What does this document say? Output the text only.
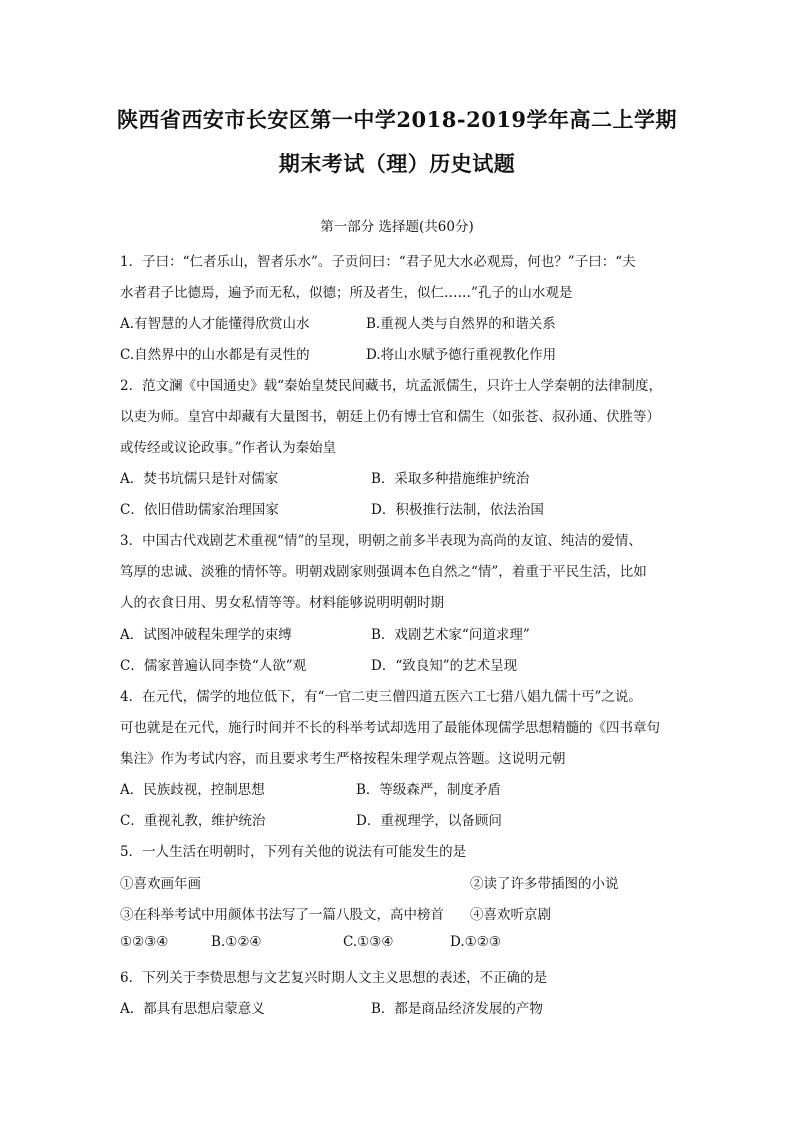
陕西省西安市长安区第一中学2018-2019学年高二上学期
期末考试（理）历史试题
第一部分 选择题(共60分)
1．子曰：“仁者乐山，智者乐水”。子贡问曰：“君子见大水必观焉，何也？”子曰：“夫
水者君子比德焉，遍予而无私，似德；所及者生，似仁……”孔子的山水观是
A.有智慧的人才能懂得欣赏山水	B.重视人类与自然界的和谐关系
C.自然界中的山水都是有灵性的	D.将山水赋予德行重视教化作用
2．范文澜《中国通史》载“秦始皇焚民间藏书，坑孟派儒生，只许士人学秦朝的法律制度，
以吏为师。皇宫中却藏有大量图书，朝廷上仍有博士官和儒生（如张苍、叔孙通、伏胜等）
或传经或议论政事。”作者认为秦始皇
A．焚书坑儒只是针对儒家	B．采取多种措施维护统治
C．依旧借助儒家治理国家	D．积极推行法制，依法治国
3．中国古代戏剧艺术重视“情”的呈现，明朝之前多半表现为高尚的友谊、纯洁的爱情、
笃厚的忠诚、淡雅的情怀等。明朝戏剧家则强调本色自然之“情”，着重于平民生活，比如
人的衣食日用、男女私情等等。材料能够说明明朝时期
A．试图冲破程朱理学的束缚	B．戏剧艺术家“问道求理”
C．儒家普遍认同李贽“人欲”观	D．“致良知”的艺术呈现
4．在元代，儒学的地位低下，有“一官二吏三僧四道五医六工七猎八娼九儒十丐”之说。
可也就是在元代，施行时间并不长的科举考试却选用了最能体现儒学思想精髓的《四书章句
集注》作为考试内容，而且要求考生严格按程朱理学观点答题。这说明元朝
A．民族歧视，控制思想	B．等级森严，制度矛盾
C．重视礼教，维护统治	D．重视理学，以备顾问
5．一人生活在明朝时，下列有关他的说法有可能发生的是
①喜欢画年画	②读了许多带插图的小说
③在科举考试中用颜体书法写了一篇八股文，高中榜首 ④喜欢听京剧
①②③④	B.①②④	C.①③④	D.①②③
6．下列关于李贽思想与文艺复兴时期人文主义思想的表述，不正确的是
A．都具有思想启蒙意义	B．都是商品经济发展的产物
